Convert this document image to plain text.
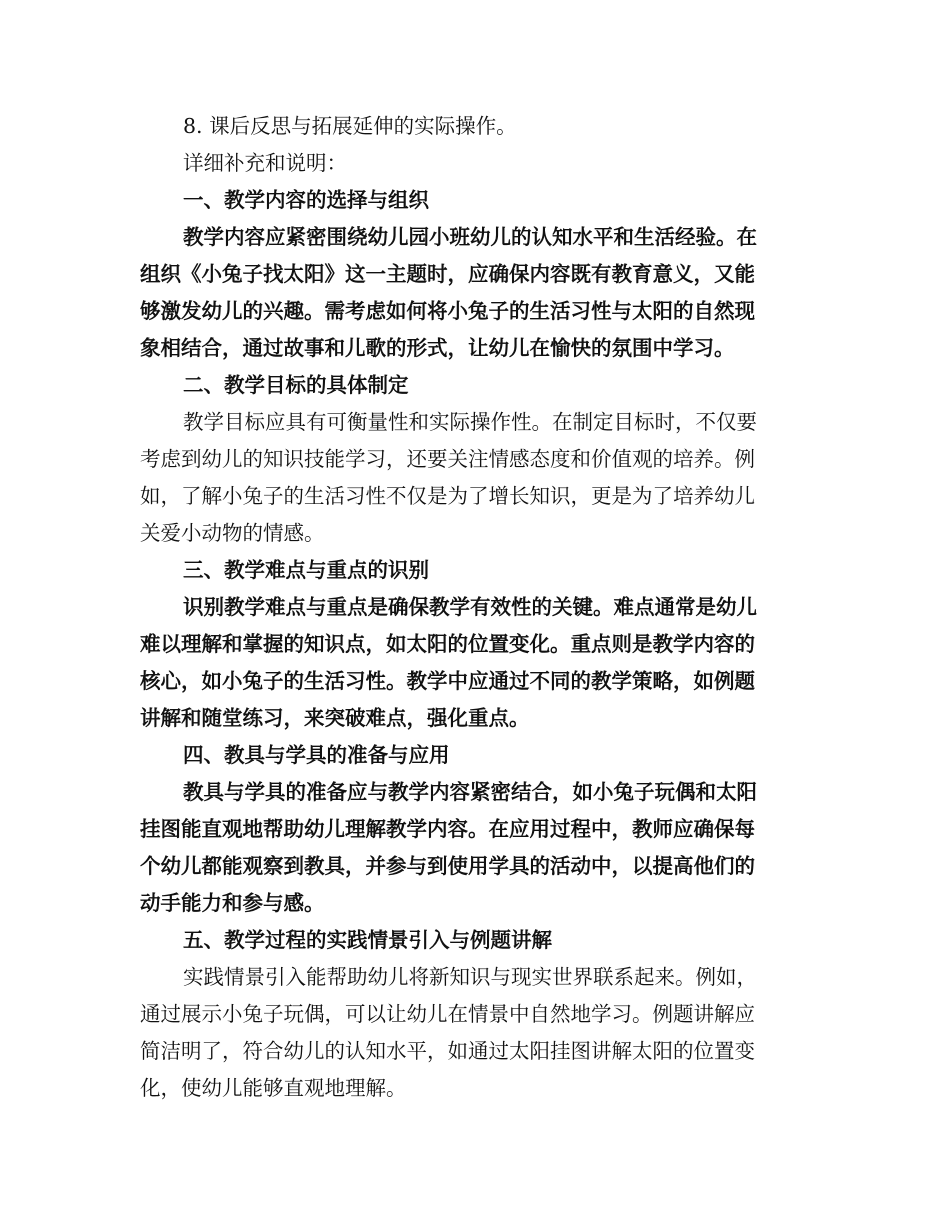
8. 课后反思与拓展延伸的实际操作。

详细补充和说明：

一、教学内容的选择与组织

教学内容应紧密围绕幼儿园小班幼儿的认知水平和生活经验。在

组织《小兔子找太阳》这一主题时，应确保内容既有教育意义，又能

够激发幼儿的兴趣。需考虑如何将小兔子的生活习性与太阳的自然现

象相结合，通过故事和儿歌的形式，让幼儿在愉快的氛围中学习。

二、教学目标的具体制定

教学目标应具有可衡量性和实际操作性。在制定目标时，不仅要

考虑到幼儿的知识技能学习，还要关注情感态度和价值观的培养。例

如，了解小兔子的生活习性不仅是为了增长知识，更是为了培养幼儿

关爱小动物的情感。

三、教学难点与重点的识别

识别教学难点与重点是确保教学有效性的关键。难点通常是幼儿

难以理解和掌握的知识点，如太阳的位置变化。重点则是教学内容的

核心，如小兔子的生活习性。教学中应通过不同的教学策略，如例题

讲解和随堂练习，来突破难点，强化重点。

四、教具与学具的准备与应用

教具与学具的准备应与教学内容紧密结合，如小兔子玩偶和太阳

挂图能直观地帮助幼儿理解教学内容。在应用过程中，教师应确保每

个幼儿都能观察到教具，并参与到使用学具的活动中，以提高他们的

动手能力和参与感。

五、教学过程的实践情景引入与例题讲解

实践情景引入能帮助幼儿将新知识与现实世界联系起来。例如，

通过展示小兔子玩偶，可以让幼儿在情景中自然地学习。例题讲解应

简洁明了，符合幼儿的认知水平，如通过太阳挂图讲解太阳的位置变

化，使幼儿能够直观地理解。
